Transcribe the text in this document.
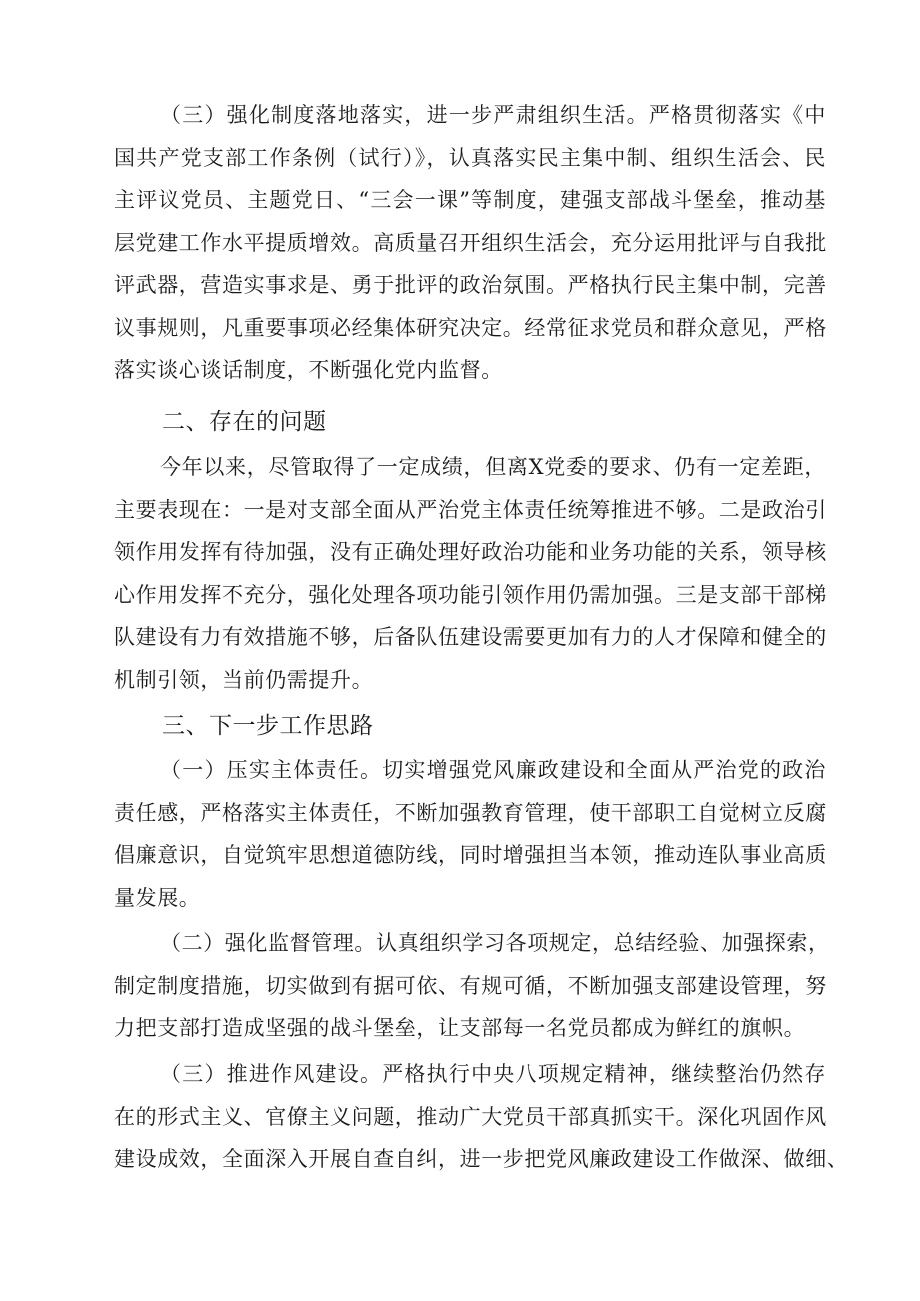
（三）强化制度落地落实，进一步严肃组织生活。严格贯彻落实《中
国共产党支部工作条例（试行）》，认真落实民主集中制、组织生活会、民
主评议党员、主题党日、“三会一课”等制度，建强支部战斗堡垒，推动基
层党建工作水平提质增效。高质量召开组织生活会，充分运用批评与自我批
评武器，营造实事求是、勇于批评的政治氛围。严格执行民主集中制，完善
议事规则，凡重要事项必经集体研究决定。经常征求党员和群众意见，严格
落实谈心谈话制度，不断强化党内监督。
二、存在的问题
今年以来，尽管取得了一定成绩，但离X党委的要求、仍有一定差距，
主要表现在：一是对支部全面从严治党主体责任统筹推进不够。二是政治引
领作用发挥有待加强，没有正确处理好政治功能和业务功能的关系，领导核
心作用发挥不充分，强化处理各项功能引领作用仍需加强。三是支部干部梯
队建设有力有效措施不够，后备队伍建设需要更加有力的人才保障和健全的
机制引领，当前仍需提升。
三、下一步工作思路
（一）压实主体责任。切实增强党风廉政建设和全面从严治党的政治
责任感，严格落实主体责任，不断加强教育管理，使干部职工自觉树立反腐
倡廉意识，自觉筑牢思想道德防线，同时增强担当本领，推动连队事业高质
量发展。
（二）强化监督管理。认真组织学习各项规定，总结经验、加强探索，
制定制度措施，切实做到有据可依、有规可循，不断加强支部建设管理，努
力把支部打造成坚强的战斗堡垒，让支部每一名党员都成为鲜红的旗帜。
（三）推进作风建设。严格执行中央八项规定精神，继续整治仍然存
在的形式主义、官僚主义问题，推动广大党员干部真抓实干。深化巩固作风
建设成效，全面深入开展自查自纠，进一步把党风廉政建设工作做深、做细、
